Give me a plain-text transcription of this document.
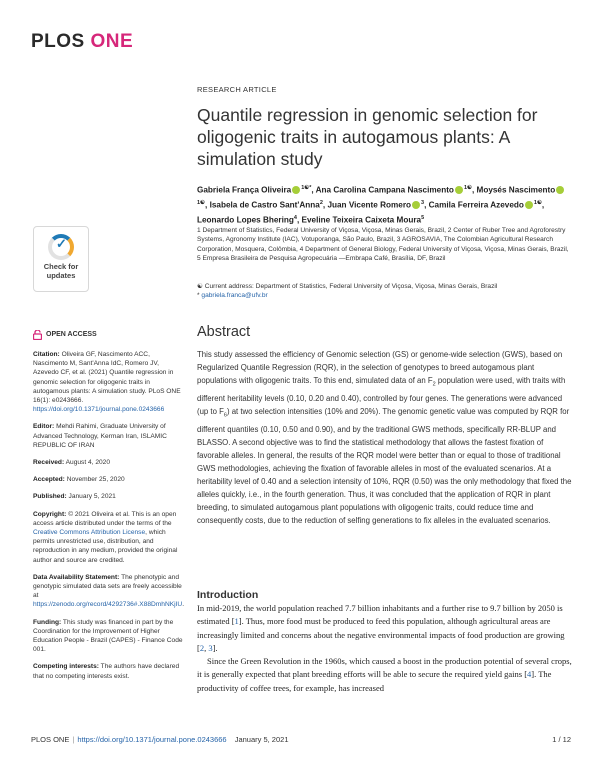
PLOS ONE
RESEARCH ARTICLE
Quantile regression in genomic selection for oligogenic traits in autogamous plants: A simulation study
Gabriela França Oliveira $^{1☯*}$, Ana Carolina Campana Nascimento $^{1☯}$, Moysés Nascimento$^{1☯}$, Isabela de Castro Sant'Anna$^2$, Juan Vicente Romero $^3$, Camila Ferreira Azevedo $^{1☯}$, Leonardo Lopes Bhering$^4$, Eveline Teixeira Caixeta Moura$^5$
1 Department of Statistics, Federal University of Viçosa, Viçosa, Minas Gerais, Brazil, 2 Center of Ruber Tree and Agroforestry Systems, Agronomy Institute (IAC), Votuporanga, São Paulo, Brazil, 3 AGROSAVIA, The Colombian Agricultural Research Corporation, Mosquera, Colômbia, 4 Department of General Biology, Federal University of Viçosa, Viçosa, Minas Gerais, Brazil, 5 Empresa Brasileira de Pesquisa Agropecuária —Embrapa Café, Brasília, DF, Brazil
☯ Current address: Department of Statistics, Federal University of Viçosa, Viçosa, Minas Gerais, Brazil
* gabriela.franca@ufv.br
✓
Check for
updates
OPEN ACCESS
Citation: Oliveira GF, Nascimento ACC, Nascimento M, Sant'Anna IdC, Romero JV, Azevedo CF, et al. (2021) Quantile regression in genomic selection for oligogenic traits in autogamous plants: A simulation study. PLoS ONE 16(1): e0243666. https://doi.org/10.1371/journal.pone.0243666
Editor: Mehdi Rahimi, Graduate University of Advanced Technology, Kerman Iran, ISLAMIC REPUBLIC OF IRAN
Received: August 4, 2020
Accepted: November 25, 2020
Published: January 5, 2021
Copyright: © 2021 Oliveira et al. This is an open access article distributed under the terms of the Creative Commons Attribution License, which permits unrestricted use, distribution, and reproduction in any medium, provided the original author and source are credited.
Data Availability Statement: The phenotypic and genotypic simulated data sets are freely accessible at https://zenodo.org/record/4292736#.X88DmhNKjIU.
Funding: This study was financed in part by the Coordination for the Improvement of Higher Education People - Brazil (CAPES) - Finance Code 001.
Competing interests: The authors have declared that no competing interests exist.
Abstract
This study assessed the efficiency of Genomic selection (GS) or genome-wide selection (GWS), based on Regularized Quantile Regression (RQR), in the selection of genotypes to breed autogamous plant populations with oligogenic traits. To this end, simulated data of an $F_2$ population were used, with traits with different heritability levels (0.10, 0.20 and 0.40), controlled by four genes. The generations were advanced (up to $F_6$) at two selection intensities (10% and 20%). The genomic genetic value was computed by RQR for different quantiles (0.10, 0.50 and 0.90), and by the traditional GWS methods, specifically RR-BLUP and BLASSO. A second objective was to find the statistical methodology that allows the fastest fixation of favorable alleles. In general, the results of the RQR model were better than or equal to those of traditional GWS methodologies, achieving the fixation of favorable alleles in most of the evaluated scenarios. At a heritability level of 0.40 and a selection intensity of 10%, RQR (0.50) was the only methodology that fixed the alleles quickly, i.e., in the fourth generation. Thus, it was concluded that the application of RQR in plant breeding, to simulated autogamous plant populations with oligogenic traits, could reduce time and consequently costs, due to the reduction of selfing generations to fix alleles in the evaluated scenarios.
Introduction

In mid-2019, the world population reached 7.7 billion inhabitants and a further rise to 9.7 billion by 2050 is estimated [1]. Thus, more food must be produced to feed this population, although agricultural areas are increasingly limited and concerns about the negative environmental impacts of food production are growing [2, 3].

Since the Green Revolution in the 1960s, which caused a boost in the production potential of several crops, it is generally expected that plant breeding efforts will be able to secure the required yield gains [4]. The productivity of coffee trees, for example, has increased

PLOS ONE | https://doi.org/10.1371/journal.pone.0243666 January 5, 2021	1 / 12
